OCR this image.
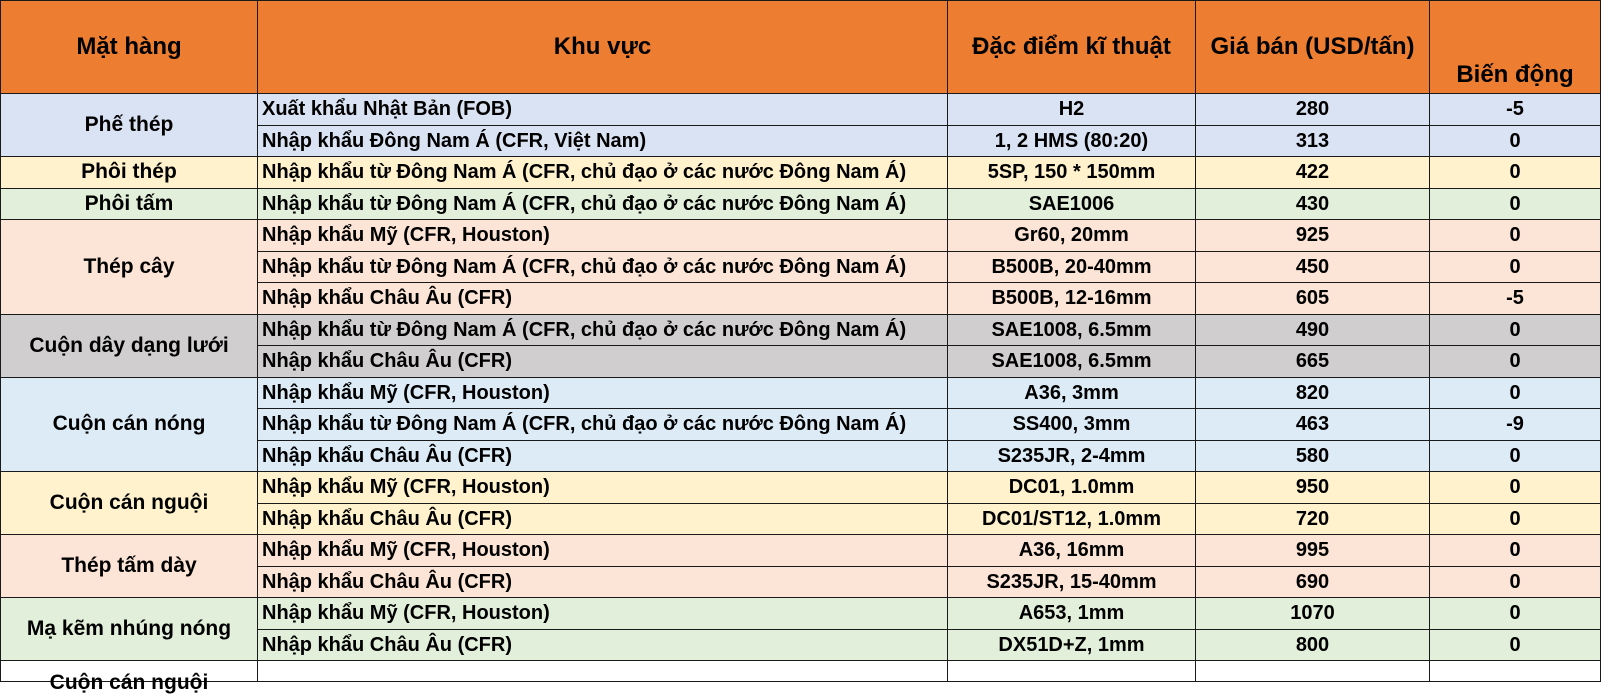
Mặt hàng	Khu vực	Đặc điểm kĩ thuật	Giá bán (USD/tấn)	Biến động
Phế thép	Xuất khẩu Nhật Bản (FOB)	H2	280	-5
	Nhập khẩu Đông Nam Á (CFR, Việt Nam)	1, 2 HMS (80:20)	313	0
Phôi thép	Nhập khẩu từ Đông Nam Á (CFR, chủ đạo ở các nước Đông Nam Á)	5SP, 150 * 150mm	422	0
Phôi tấm	Nhập khẩu từ Đông Nam Á (CFR, chủ đạo ở các nước Đông Nam Á)	SAE1006	430	0
Thép cây	Nhập khẩu Mỹ (CFR, Houston)	Gr60, 20mm	925	0
	Nhập khẩu từ Đông Nam Á (CFR, chủ đạo ở các nước Đông Nam Á)	B500B, 20-40mm	450	0
	Nhập khẩu Châu Âu (CFR)	B500B, 12-16mm	605	-5
Cuộn dây dạng lưới	Nhập khẩu từ Đông Nam Á (CFR, chủ đạo ở các nước Đông Nam Á)	SAE1008, 6.5mm	490	0
	Nhập khẩu Châu Âu (CFR)	SAE1008, 6.5mm	665	0
Cuộn cán nóng	Nhập khẩu Mỹ (CFR, Houston)	A36, 3mm	820	0
	Nhập khẩu từ Đông Nam Á (CFR, chủ đạo ở các nước Đông Nam Á)	SS400, 3mm	463	-9
	Nhập khẩu Châu Âu (CFR)	S235JR, 2-4mm	580	0
Cuộn cán nguội	Nhập khẩu Mỹ (CFR, Houston)	DC01, 1.0mm	950	0
	Nhập khẩu Châu Âu (CFR)	DC01/ST12, 1.0mm	720	0
Thép tấm dày	Nhập khẩu Mỹ (CFR, Houston)	A36, 16mm	995	0
	Nhập khẩu Châu Âu (CFR)	S235JR, 15-40mm	690	0
Mạ kẽm nhúng nóng	Nhập khẩu Mỹ (CFR, Houston)	A653, 1mm	1070	0
	Nhập khẩu Châu Âu (CFR)	DX51D+Z, 1mm	800	0

Cuộn cán nguội				
